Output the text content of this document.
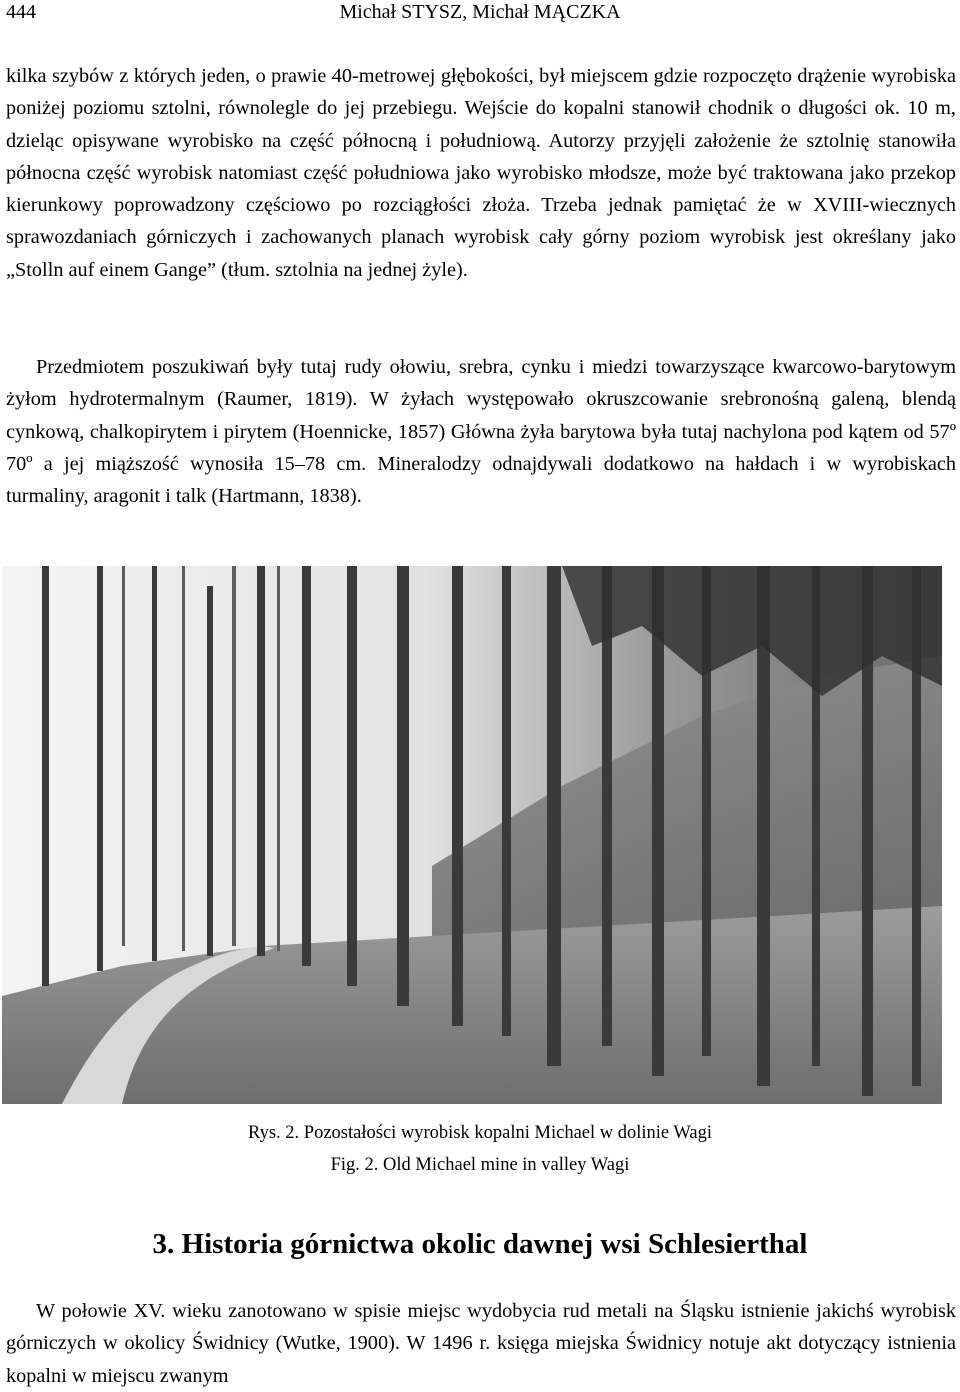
444	Michał STYSZ, Michał MĄCZKA

kilka szybów z których jeden, o prawie 40-metrowej głębokości, był miejscem gdzie rozpoczęto drążenie wyrobiska poniżej poziomu sztolni, równolegle do jej przebiegu. Wejście do kopalni stanowił chodnik o długości ok. 10 m, dzieląc opisywane wyrobisko na część północną i południową. Autorzy przyjęli założenie że sztolnię stanowiła północna część wyrobisk natomiast część południowa jako wyrobisko młodsze, może być traktowana jako przekop kierunkowy poprowadzony częściowo po rozciągłości złoża. Trzeba jednak pamiętać że w XVIII-wiecznych sprawozdaniach górniczych i zachowanych planach wyrobisk cały górny poziom wyrobisk jest określany jako „Stolln auf einem Gange” (tłum. sztolnia na jednej żyle).

Przedmiotem poszukiwań były tutaj rudy ołowiu, srebra, cynku i miedzi towarzyszące kwarcowo-barytowym żyłom hydrotermalnym (Raumer, 1819). W żyłach występowało okruszcowanie srebronośną galeną, blendą cynkową, chalkopirytem i pirytem (Hoennicke, 1857) Główna żyła barytowa była tutaj nachylona pod kątem od 57º 70º a jej miąższość wynosiła 15–78 cm. Mineralodzy odnajdywali dodatkowo na hałdach i w wyrobiskach turmaliny, aragonit i talk (Hartmann, 1838).

Rys. 2. Pozostałości wyrobisk kopalni Michael w dolinie Wagi
Fig. 2. Old Michael mine in valley Wagi
3. Historia górnictwa okolic dawnej wsi Schlesierthal

W połowie XV. wieku zanotowano w spisie miejsc wydobycia rud metali na Śląsku istnienie jakichś wyrobisk górniczych w okolicy Świdnicy (Wutke, 1900). W 1496 r. księga miejska Świdnicy notuje akt dotyczący istnienia kopalni w miejscu zwanym
